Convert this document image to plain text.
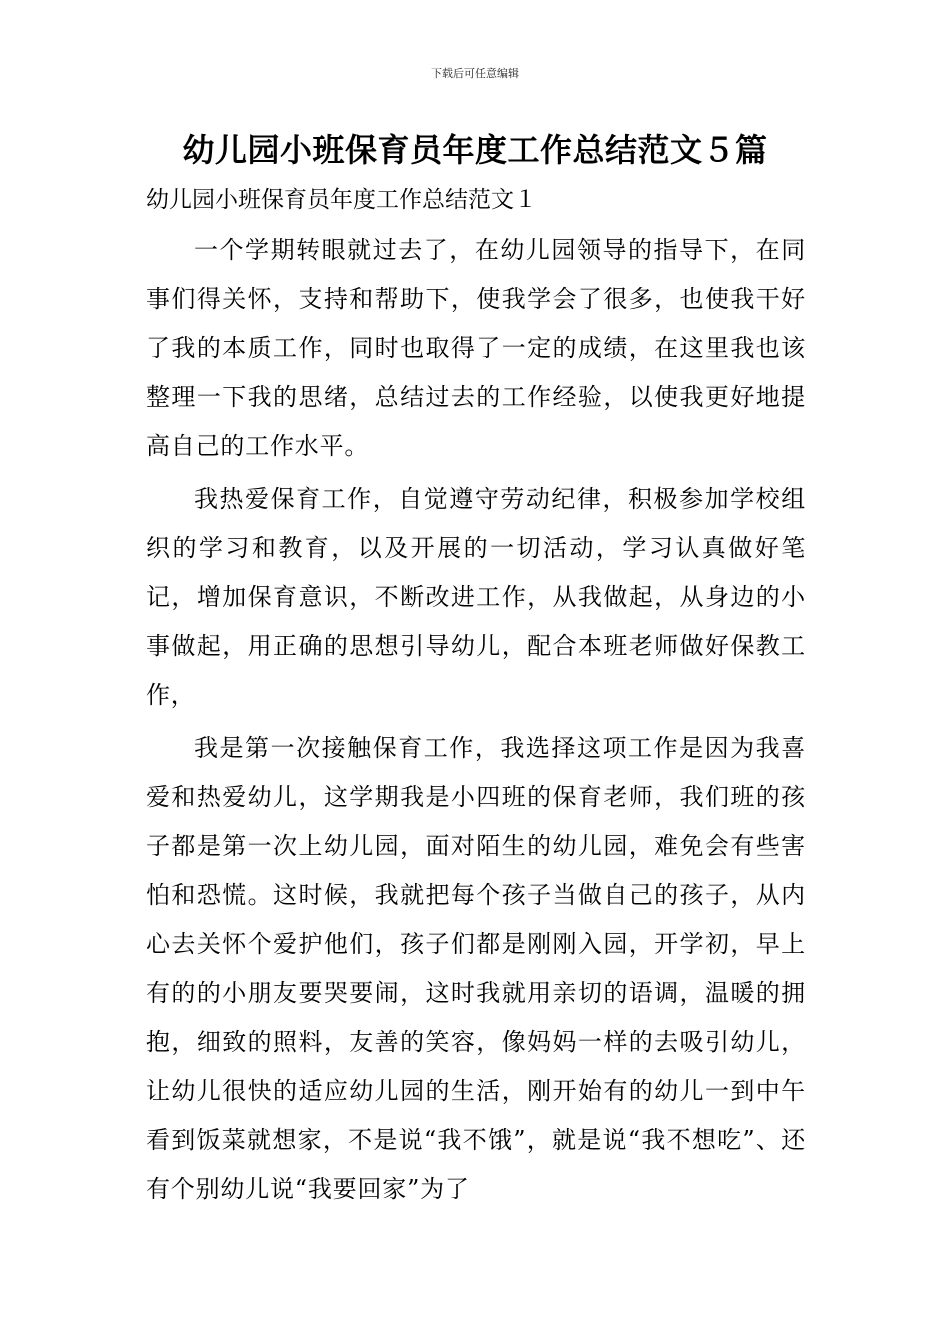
下载后可任意编辑
幼儿园小班保育员年度工作总结范文５篇
幼儿园小班保育员年度工作总结范文１

一个学期转眼就过去了，在幼儿园领导的指导下，在同事们得关怀，支持和帮助下，使我学会了很多，也使我干好了我的本质工作，同时也取得了一定的成绩，在这里我也该整理一下我的思绪，总结过去的工作经验，以使我更好地提高自己的工作水平。

我热爱保育工作，自觉遵守劳动纪律，积极参加学校组织的学习和教育，以及开展的一切活动，学习认真做好笔记，增加保育意识，不断改进工作，从我做起，从身边的小事做起，用正确的思想引导幼儿，配合本班老师做好保教工作，

我是第一次接触保育工作，我选择这项工作是因为我喜爱和热爱幼儿，这学期我是小四班的保育老师，我们班的孩子都是第一次上幼儿园，面对陌生的幼儿园，难免会有些害怕和恐慌。这时候，我就把每个孩子当做自己的孩子，从内心去关怀个爱护他们，孩子们都是刚刚入园，开学初，早上有的的小朋友要哭要闹，这时我就用亲切的语调，温暖的拥抱，细致的照料，友善的笑容，像妈妈一样的去吸引幼儿，让幼儿很快的适应幼儿园的生活，刚开始有的幼儿一到中午看到饭菜就想家，不是说“我不饿”，就是说“我不想吃”、还有个别幼儿说“我要回家”为了
